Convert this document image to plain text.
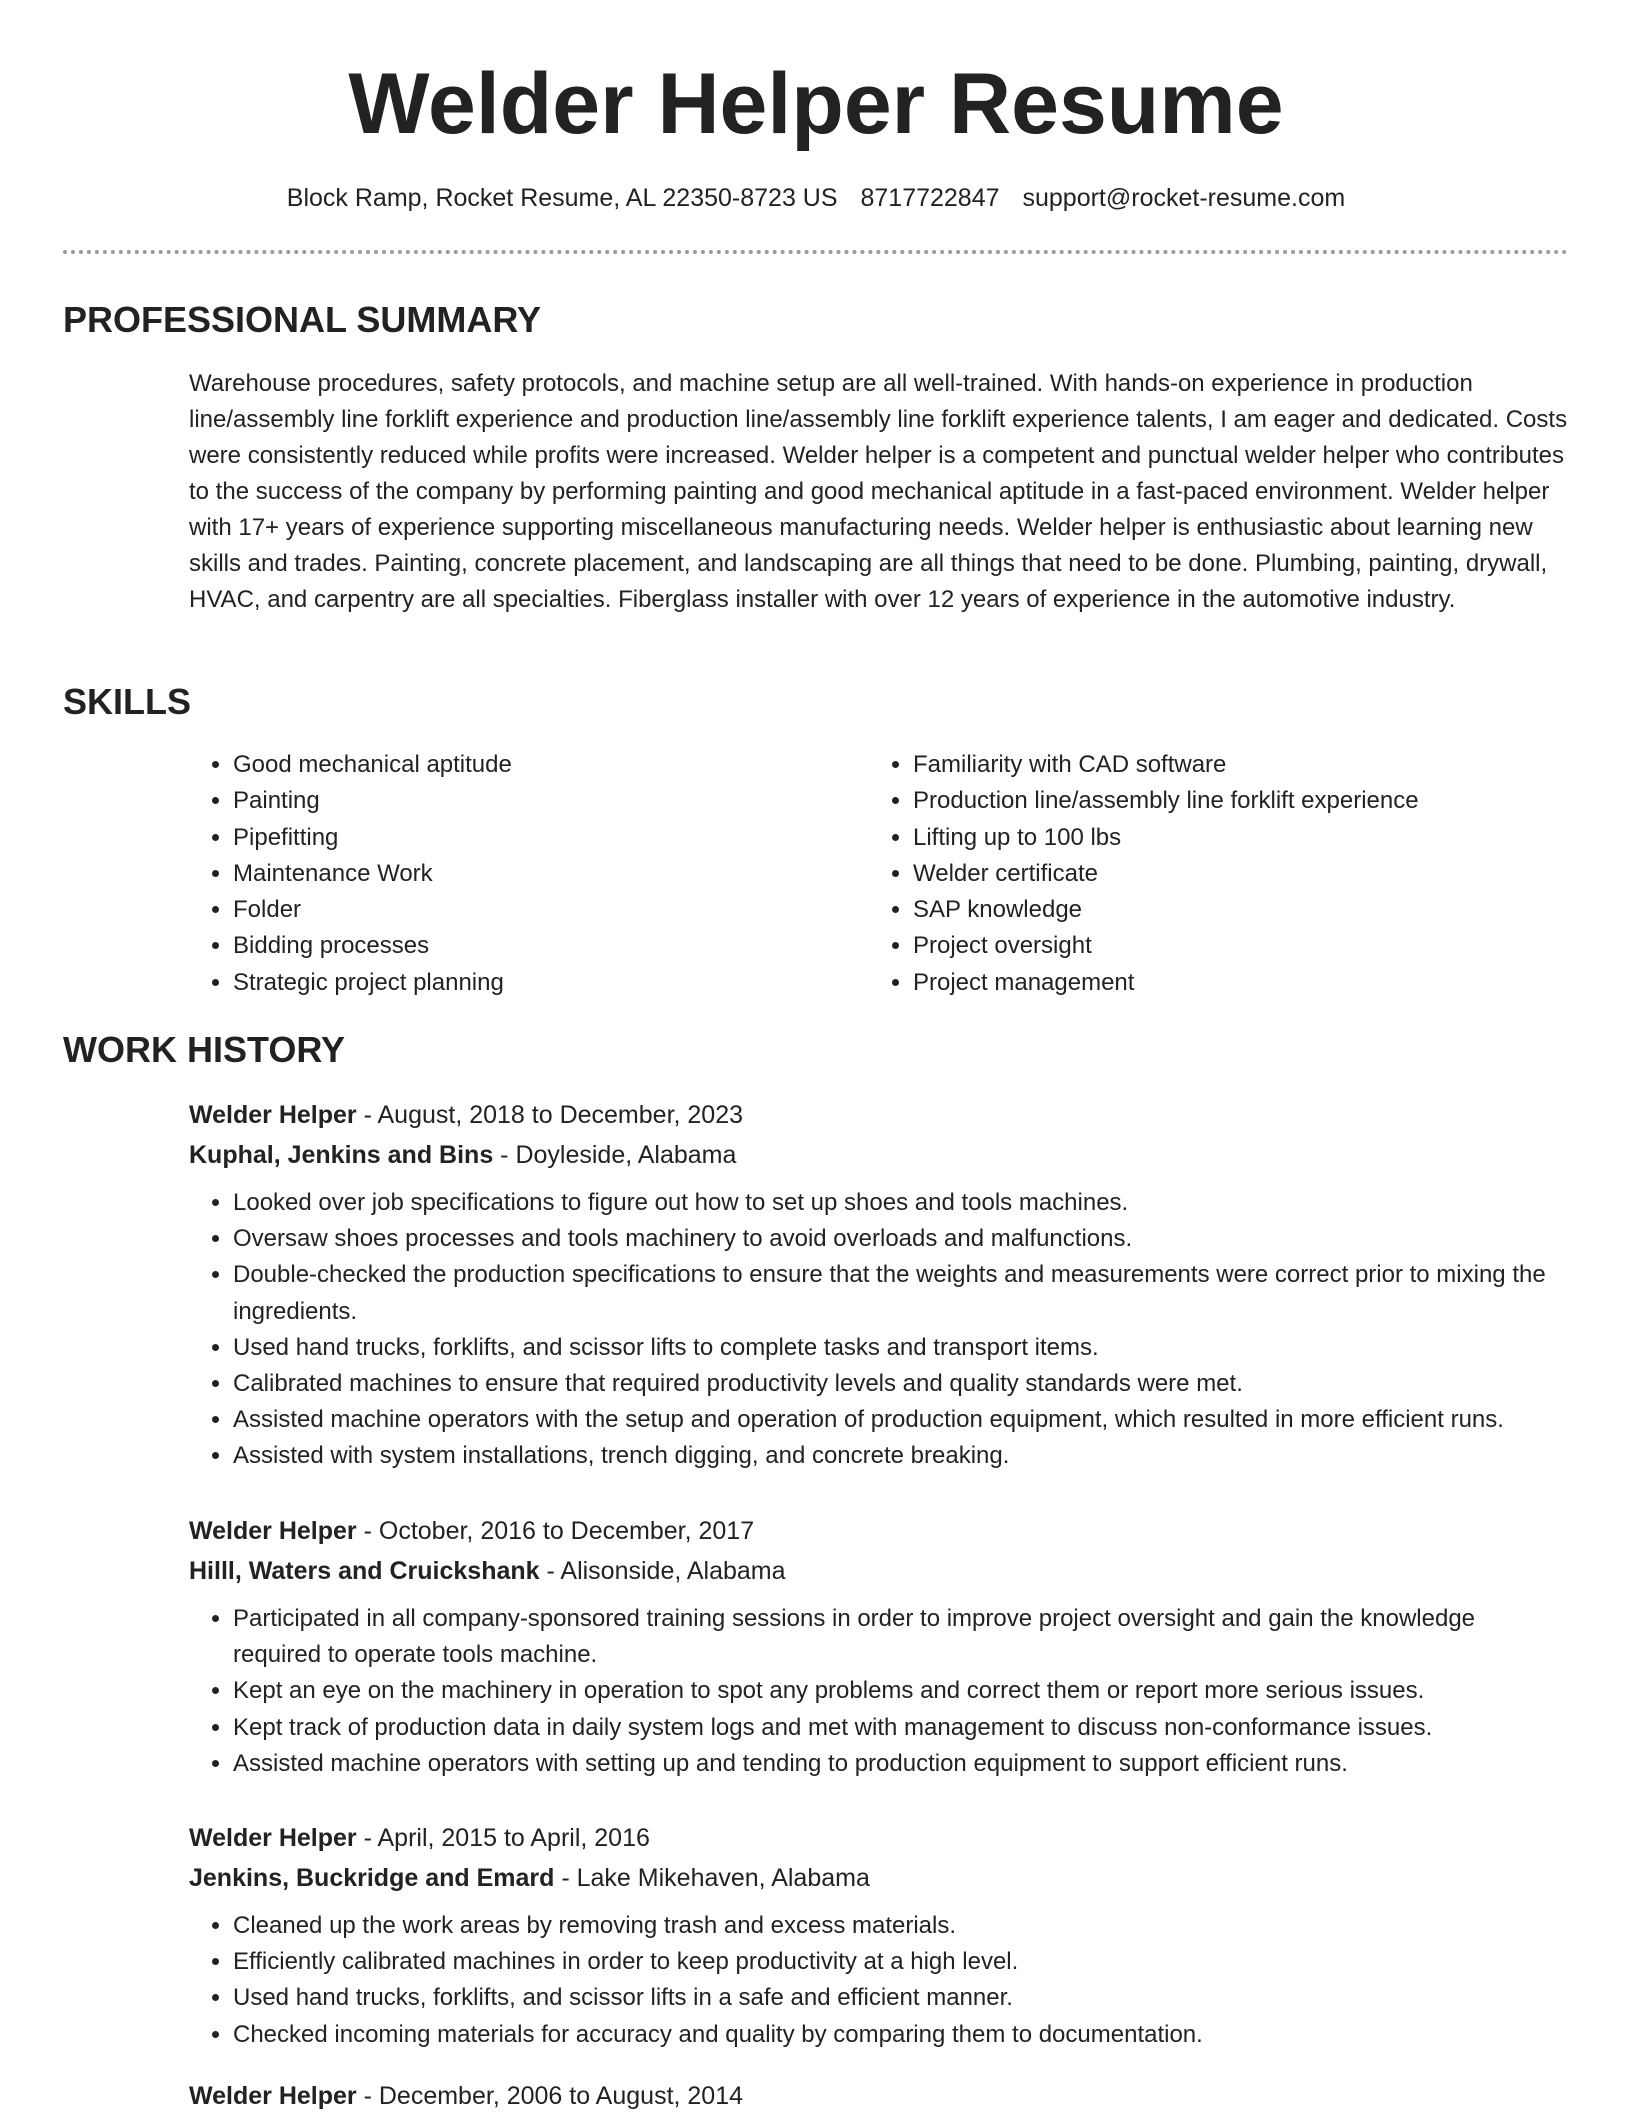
Welder Helper Resume
Block Ramp, Rocket Resume, AL 22350-8723 US 8717722847 support@rocket-resume.com
PROFESSIONAL SUMMARY

Warehouse procedures, safety protocols, and machine setup are all well-trained. With hands-on experience in production line/assembly line forklift experience and production line/assembly line forklift experience talents, I am eager and dedicated. Costs were consistently reduced while profits were increased. Welder helper is a competent and punctual welder helper who contributes to the success of the company by performing painting and good mechanical aptitude in a fast-paced environment. Welder helper with 17+ years of experience supporting miscellaneous manufacturing needs. Welder helper is enthusiastic about learning new skills and trades. Painting, concrete placement, and landscaping are all things that need to be done. Plumbing, painting, drywall, HVAC, and carpentry are all specialties. Fiberglass installer with over 12 years of experience in the automotive industry.

SKILLS
• Good mechanical aptitude
• Painting
• Pipefitting
• Maintenance Work
• Folder
• Bidding processes
• Strategic project planning
• Familiarity with CAD software
• Production line/assembly line forklift experience
• Lifting up to 100 lbs
• Welder certificate
• SAP knowledge
• Project oversight
• Project management
WORK HISTORY

Welder Helper - August, 2018 to December, 2023

Kuphal, Jenkins and Bins - Doyleside, Alabama

• Looked over job specifications to figure out how to set up shoes and tools machines.
• Oversaw shoes processes and tools machinery to avoid overloads and malfunctions.
• Double-checked the production specifications to ensure that the weights and measurements were correct prior to mixing the ingredients.
• Used hand trucks, forklifts, and scissor lifts to complete tasks and transport items.
• Calibrated machines to ensure that required productivity levels and quality standards were met.
• Assisted machine operators with the setup and operation of production equipment, which resulted in more efficient runs.
• Assisted with system installations, trench digging, and concrete breaking.

Welder Helper - October, 2016 to December, 2017

Hilll, Waters and Cruickshank - Alisonside, Alabama

• Participated in all company-sponsored training sessions in order to improve project oversight and gain the knowledge required to operate tools machine.
• Kept an eye on the machinery in operation to spot any problems and correct them or report more serious issues.
• Kept track of production data in daily system logs and met with management to discuss non-conformance issues.
• Assisted machine operators with setting up and tending to production equipment to support efficient runs.

Welder Helper - April, 2015 to April, 2016

Jenkins, Buckridge and Emard - Lake Mikehaven, Alabama

• Cleaned up the work areas by removing trash and excess materials.
• Efficiently calibrated machines in order to keep productivity at a high level.
• Used hand trucks, forklifts, and scissor lifts in a safe and efficient manner.
• Checked incoming materials for accuracy and quality by comparing them to documentation.

Welder Helper - December, 2006 to August, 2014
